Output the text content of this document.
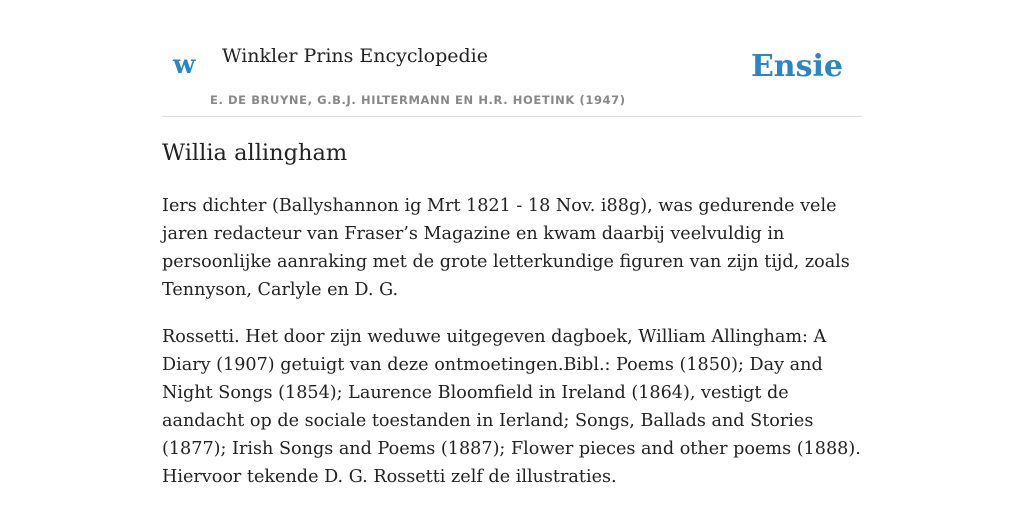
w Winkler Prins Encyclopedie
E. DE BRUYNE, G.B.J. HILTERMANN EN H.R. HOETINK (1947)
Ensie
Willia allingham

Iers dichter (Ballyshannon ig Mrt 1821 - 18 Nov. i88g), was gedurende vele jaren redacteur van Fraser’s Magazine en kwam daarbij veelvuldig in persoonlijke aanraking met de grote letterkundige figuren van zijn tijd, zoals Tennyson, Carlyle en D. G.

Rossetti. Het door zijn weduwe uitgegeven dagboek, William Allingham: A Diary (1907) getuigt van deze ontmoetingen.Bibl.: Poems (1850); Day and Night Songs (1854); Laurence Bloomfield in Ireland (1864), vestigt de aandacht op de sociale toestanden in Ierland; Songs, Ballads and Stories (1877); Irish Songs and Poems (1887); Flower pieces and other poems (1888). Hiervoor tekende D. G. Rossetti zelf de illustraties.
